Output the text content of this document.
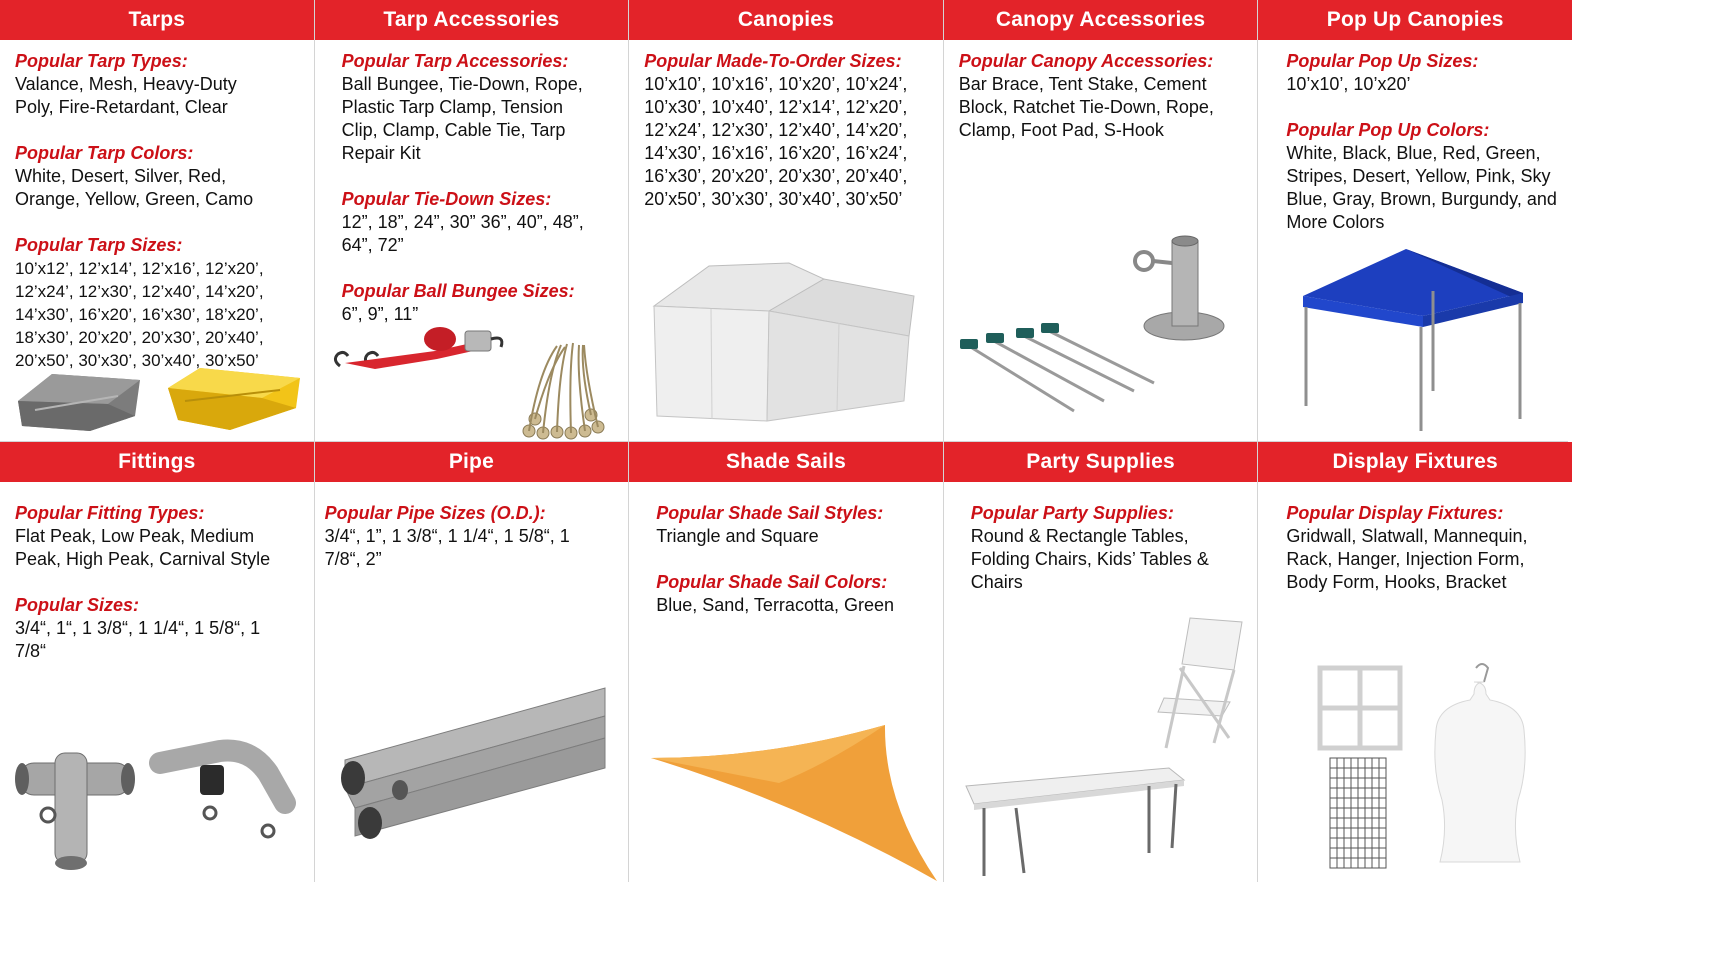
Tarps
Popular Tarp Types:
Valance, Mesh, Heavy-Duty Poly, Fire-Retardant, Clear
Popular Tarp Colors:
White, Desert, Silver, Red, Orange, Yellow, Green, Camo
Popular Tarp Sizes:
10’x12’, 12’x14’, 12’x16’, 12’x20’, 12’x24’, 12’x30’, 12’x40’, 14’x20’, 14’x30’, 16’x20’, 16’x30’, 18’x20’, 18’x30’, 20’x20’, 20’x30’, 20’x40’, 20’x50’, 30’x30’, 30’x40’, 30’x50’
Tarp Accessories
Popular Tarp Accessories:
Ball Bungee, Tie-Down, Rope, Plastic Tarp Clamp, Tension Clip, Clamp, Cable Tie, Tarp Repair Kit
Popular Tie-Down Sizes:
12”, 18”, 24”, 30” 36”, 40”, 48”, 64”, 72”
Popular Ball Bungee Sizes:
6”, 9”, 11”
Canopies
Popular Made-To-Order Sizes:
10’x10’, 10’x16’, 10’x20’, 10’x24’, 10’x30’, 10’x40’, 12’x14’, 12’x20’, 12’x24’, 12’x30’, 12’x40’, 14’x20’, 14’x30’, 16’x16’, 16’x20’, 16’x24’, 16’x30’, 20’x20’, 20’x30’, 20’x40’, 20’x50’, 30’x30’, 30’x40’, 30’x50’
Canopy Accessories
Popular Canopy Accessories:
Bar Brace, Tent Stake, Cement Block, Ratchet Tie-Down, Rope, Clamp, Foot Pad, S-Hook
Pop Up Canopies
Popular Pop Up Sizes:
10’x10’, 10’x20’
Popular Pop Up Colors:
White, Black, Blue, Red, Green, Stripes, Desert, Yellow, Pink, Sky Blue, Gray, Brown, Burgundy, and More Colors
Fittings
Popular Fitting Types:
Flat Peak, Low Peak, Medium Peak, High Peak, Carnival Style
Popular Sizes:
3/4“, 1“, 1 3/8“, 1 1/4“, 1 5/8“, 1 7/8“
Pipe
Popular Pipe Sizes (O.D.):
3/4“, 1”, 1 3/8“, 1 1/4“, 1 5/8“, 1 7/8“, 2”
Shade Sails
Popular Shade Sail Styles:
Triangle and Square
Popular Shade Sail Colors:
Blue, Sand, Terracotta, Green
Party Supplies
Popular Party Supplies:
Round & Rectangle Tables, Folding Chairs, Kids’ Tables & Chairs
Display Fixtures
Popular Display Fixtures:
Gridwall, Slatwall, Mannequin, Rack, Hanger, Injection Form, Body Form, Hooks, Bracket
